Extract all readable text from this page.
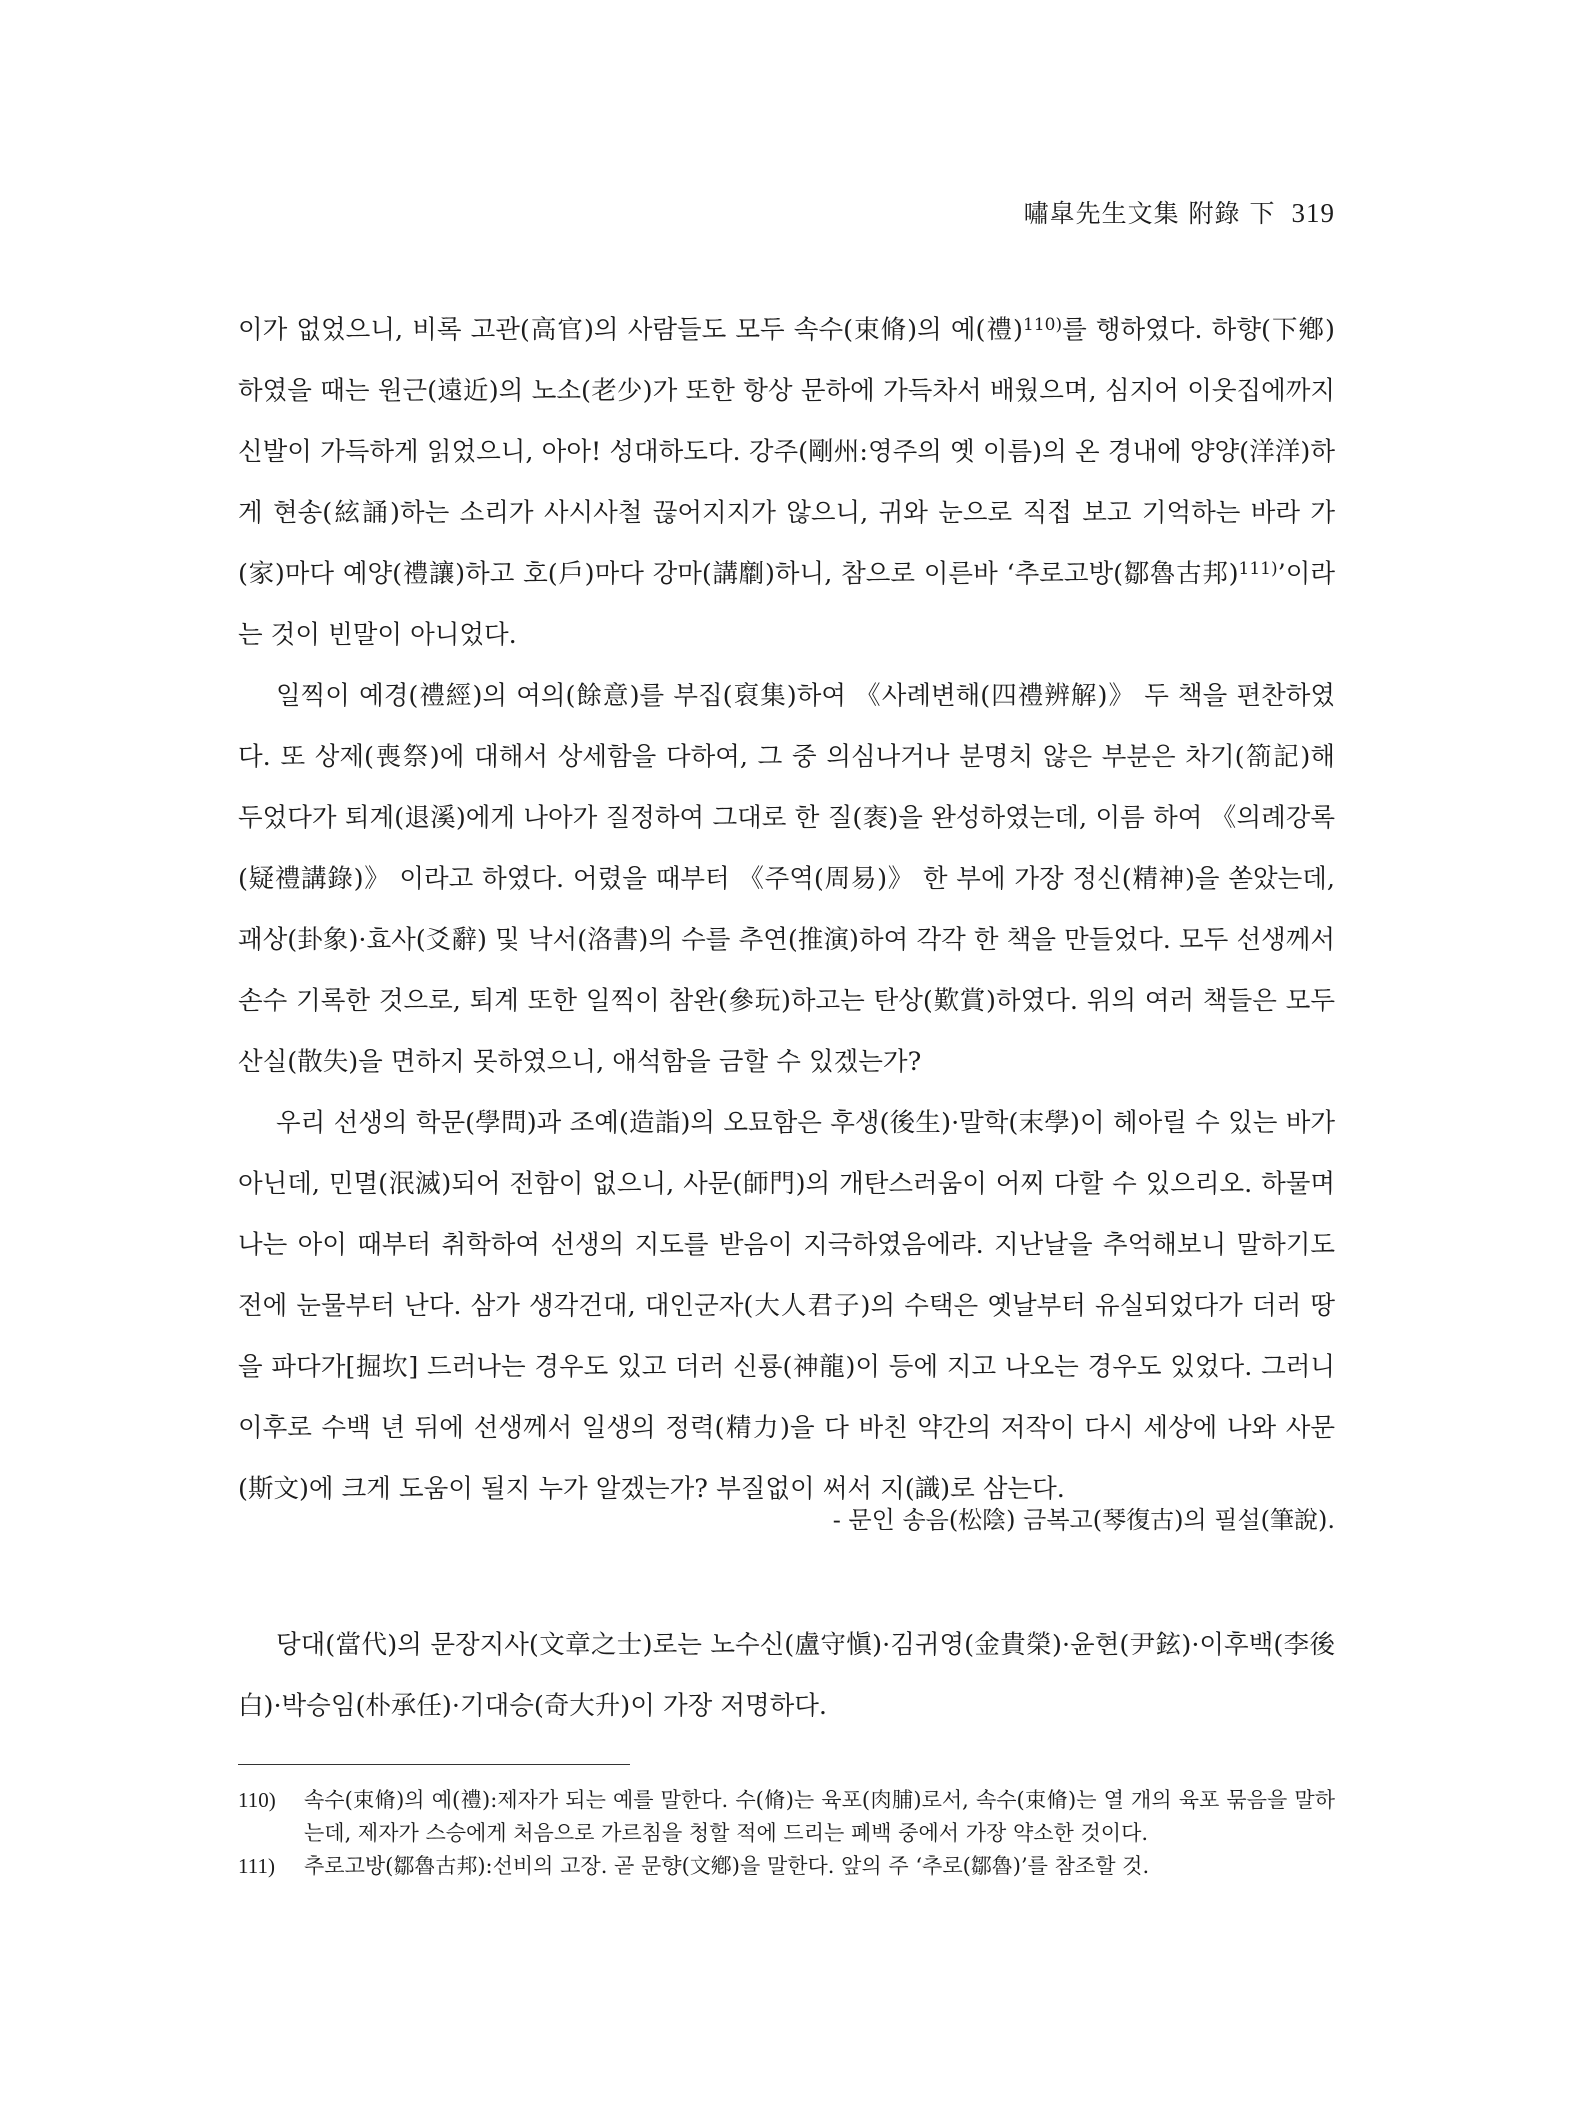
嘯皐先生文集 附錄 下 319

이가 없었으니, 비록 고관(高官)의 사람들도 모두 속수(束脩)의 예(禮)$^{110)}$를 행하였다. 하향(下鄕)하였을 때는 원근(遠近)의 노소(老少)가 또한 항상 문하에 가득차서 배웠으며, 심지어 이웃집에까지 신발이 가득하게 읽었으니, 아아! 성대하도다. 강주(剛州:영주의 옛 이름)의 온 경내에 양양(洋洋)하게 현송(絃誦)하는 소리가 사시사철 끊어지지가 않으니, 귀와 눈으로 직접 보고 기억하는 바라 가(家)마다 예양(禮讓)하고 호(戶)마다 강마(講劘)하니, 참으로 이른바 ‘추로고방(鄒魯古邦)$^{111)}$’이라는 것이 빈말이 아니었다.

일찍이 예경(禮經)의 여의(餘意)를 부집(裒集)하여 《사례변해(四禮辨解)》 두 책을 편찬하였다. 또 상제(喪祭)에 대해서 상세함을 다하여, 그 중 의심나거나 분명치 않은 부분은 차기(箚記)해 두었다가 퇴계(退溪)에게 나아가 질정하여 그대로 한 질(袠)을 완성하였는데, 이름 하여 《의례강록(疑禮講錄)》 이라고 하였다. 어렸을 때부터 《주역(周易)》 한 부에 가장 정신(精神)을 쏟았는데, 괘상(卦象)·효사(爻辭) 및 낙서(洛書)의 수를 추연(推演)하여 각각 한 책을 만들었다. 모두 선생께서 손수 기록한 것으로, 퇴계 또한 일찍이 참완(參玩)하고는 탄상(歎賞)하였다. 위의 여러 책들은 모두 산실(散失)을 면하지 못하였으니, 애석함을 금할 수 있겠는가?

우리 선생의 학문(學問)과 조예(造詣)의 오묘함은 후생(後生)·말학(末學)이 헤아릴 수 있는 바가 아닌데, 민멸(泯滅)되어 전함이 없으니, 사문(師門)의 개탄스러움이 어찌 다할 수 있으리오. 하물며 나는 아이 때부터 취학하여 선생의 지도를 받음이 지극하였음에랴. 지난날을 추억해보니 말하기도 전에 눈물부터 난다. 삼가 생각건대, 대인군자(大人君子)의 수택은 옛날부터 유실되었다가 더러 땅을 파다가[掘坎] 드러나는 경우도 있고 더러 신룡(神龍)이 등에 지고 나오는 경우도 있었다. 그러니 이후로 수백 년 뒤에 선생께서 일생의 정력(精力)을 다 바친 약간의 저작이 다시 세상에 나와 사문(斯文)에 크게 도움이 될지 누가 알겠는가? 부질없이 써서 지(識)로 삼는다.

- 문인 송음(松陰) 금복고(琴復古)의 필설(筆說).

당대(當代)의 문장지사(文章之士)로는 노수신(盧守愼)·김귀영(金貴榮)·윤현(尹鉉)·이후백(李後白)·박승임(朴承任)·기대승(奇大升)이 가장 저명하다.

110) 속수(束脩)의 예(禮):제자가 되는 예를 말한다. 수(脩)는 육포(肉脯)로서, 속수(束脩)는 열 개의 육포 묶음을 말하는데, 제자가 스승에게 처음으로 가르침을 청할 적에 드리는 폐백 중에서 가장 약소한 것이다.
111) 추로고방(鄒魯古邦):선비의 고장. 곧 문향(文鄕)을 말한다. 앞의 주 ‘추로(鄒魯)’를 참조할 것.
